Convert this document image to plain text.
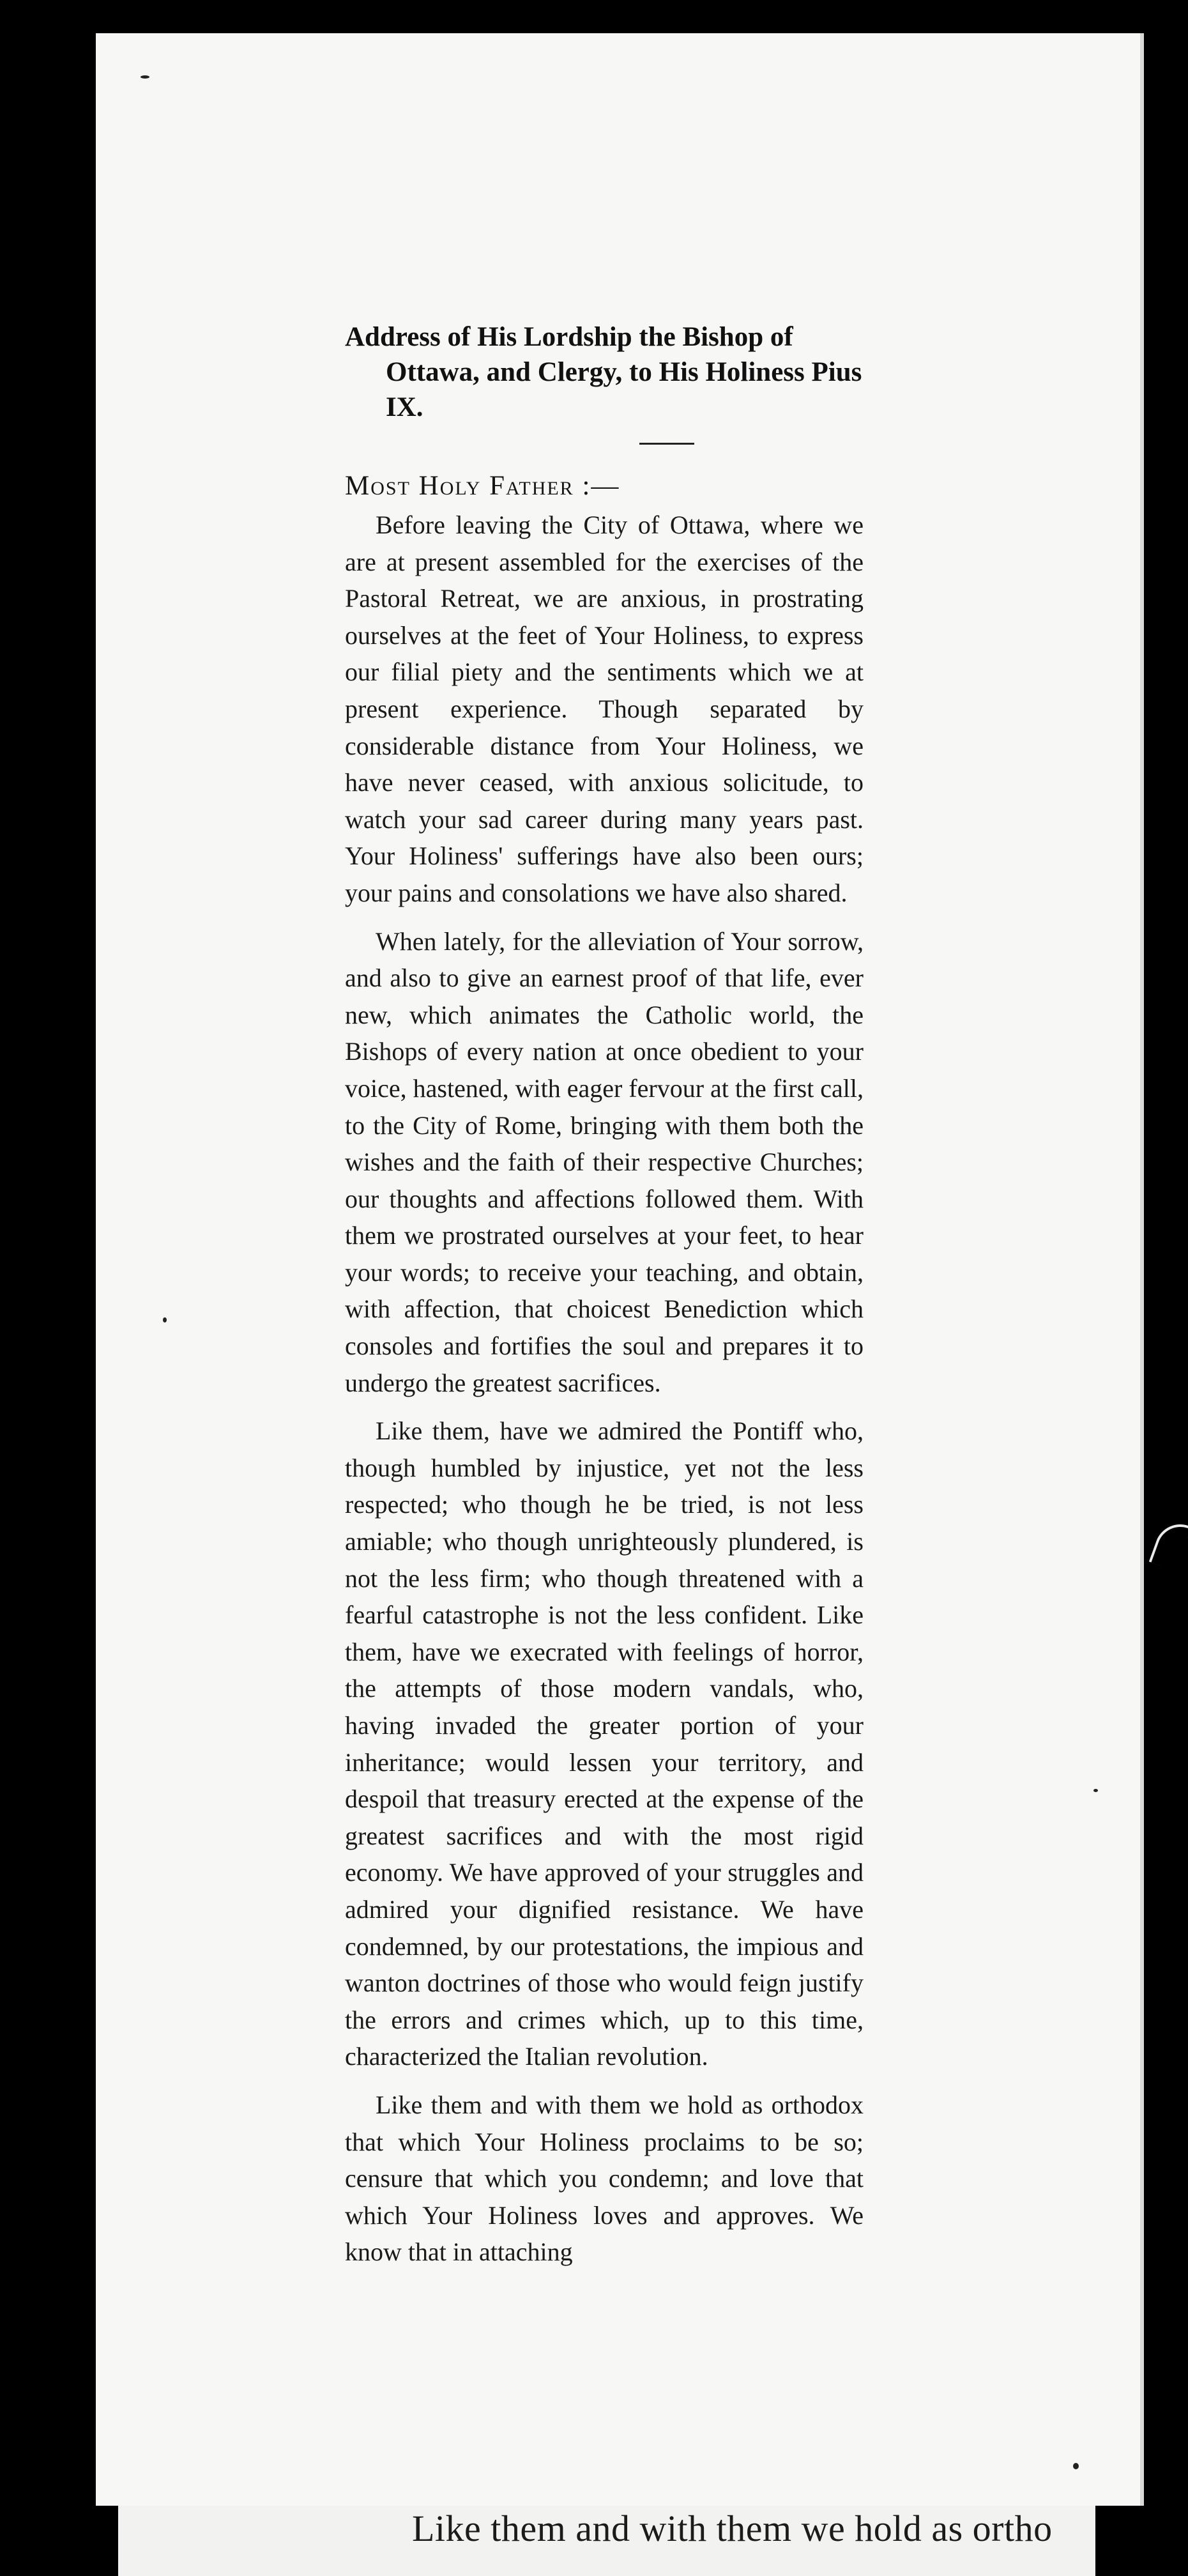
Address of His Lordship the Bishop of Ottawa, and Clergy, to His Holiness Pius IX.

Most Holy Father :—

Before leaving the City of Ottawa, where we are at present assembled for the exercises of the Pastoral Retreat, we are anxious, in prostrating ourselves at the feet of Your Holiness, to express our filial piety and the sentiments which we at present experience. Though separated by considerable distance from Your Holiness, we have never ceased, with anxious solicitude, to watch your sad career during many years past. Your Holiness' sufferings have also been ours; your pains and consolations we have also shared.

When lately, for the alleviation of Your sorrow, and also to give an earnest proof of that life, ever new, which animates the Catholic world, the Bishops of every nation at once obedient to your voice, hastened, with eager fervour at the first call, to the City of Rome, bringing with them both the wishes and the faith of their respective Churches; our thoughts and affections followed them. With them we prostrated ourselves at your feet, to hear your words; to receive your teaching, and obtain, with affection, that choicest Benediction which consoles and fortifies the soul and prepares it to undergo the greatest sacrifices.

Like them, have we admired the Pontiff who, though humbled by injustice, yet not the less respected; who though he be tried, is not less amiable; who though unrighteously plundered, is not the less firm; who though threatened with a fearful catastrophe is not the less confident. Like them, have we execrated with feelings of horror, the attempts of those modern vandals, who, having invaded the greater portion of your inheritance; would lessen your territory, and despoil that treasury erected at the expense of the greatest sacrifices and with the most rigid economy. We have approved of your struggles and admired your dignified resistance. We have condemned, by our protestations, the impious and wanton doctrines of those who would feign justify the errors and crimes which, up to this time, characterized the Italian revolution.

Like them and with them we hold as orthodox that which Your Holiness proclaims to be so; censure that which you condemn; and love that which Your Holiness loves and approves. We know that in attaching

Like them and with them we hold as ortho
